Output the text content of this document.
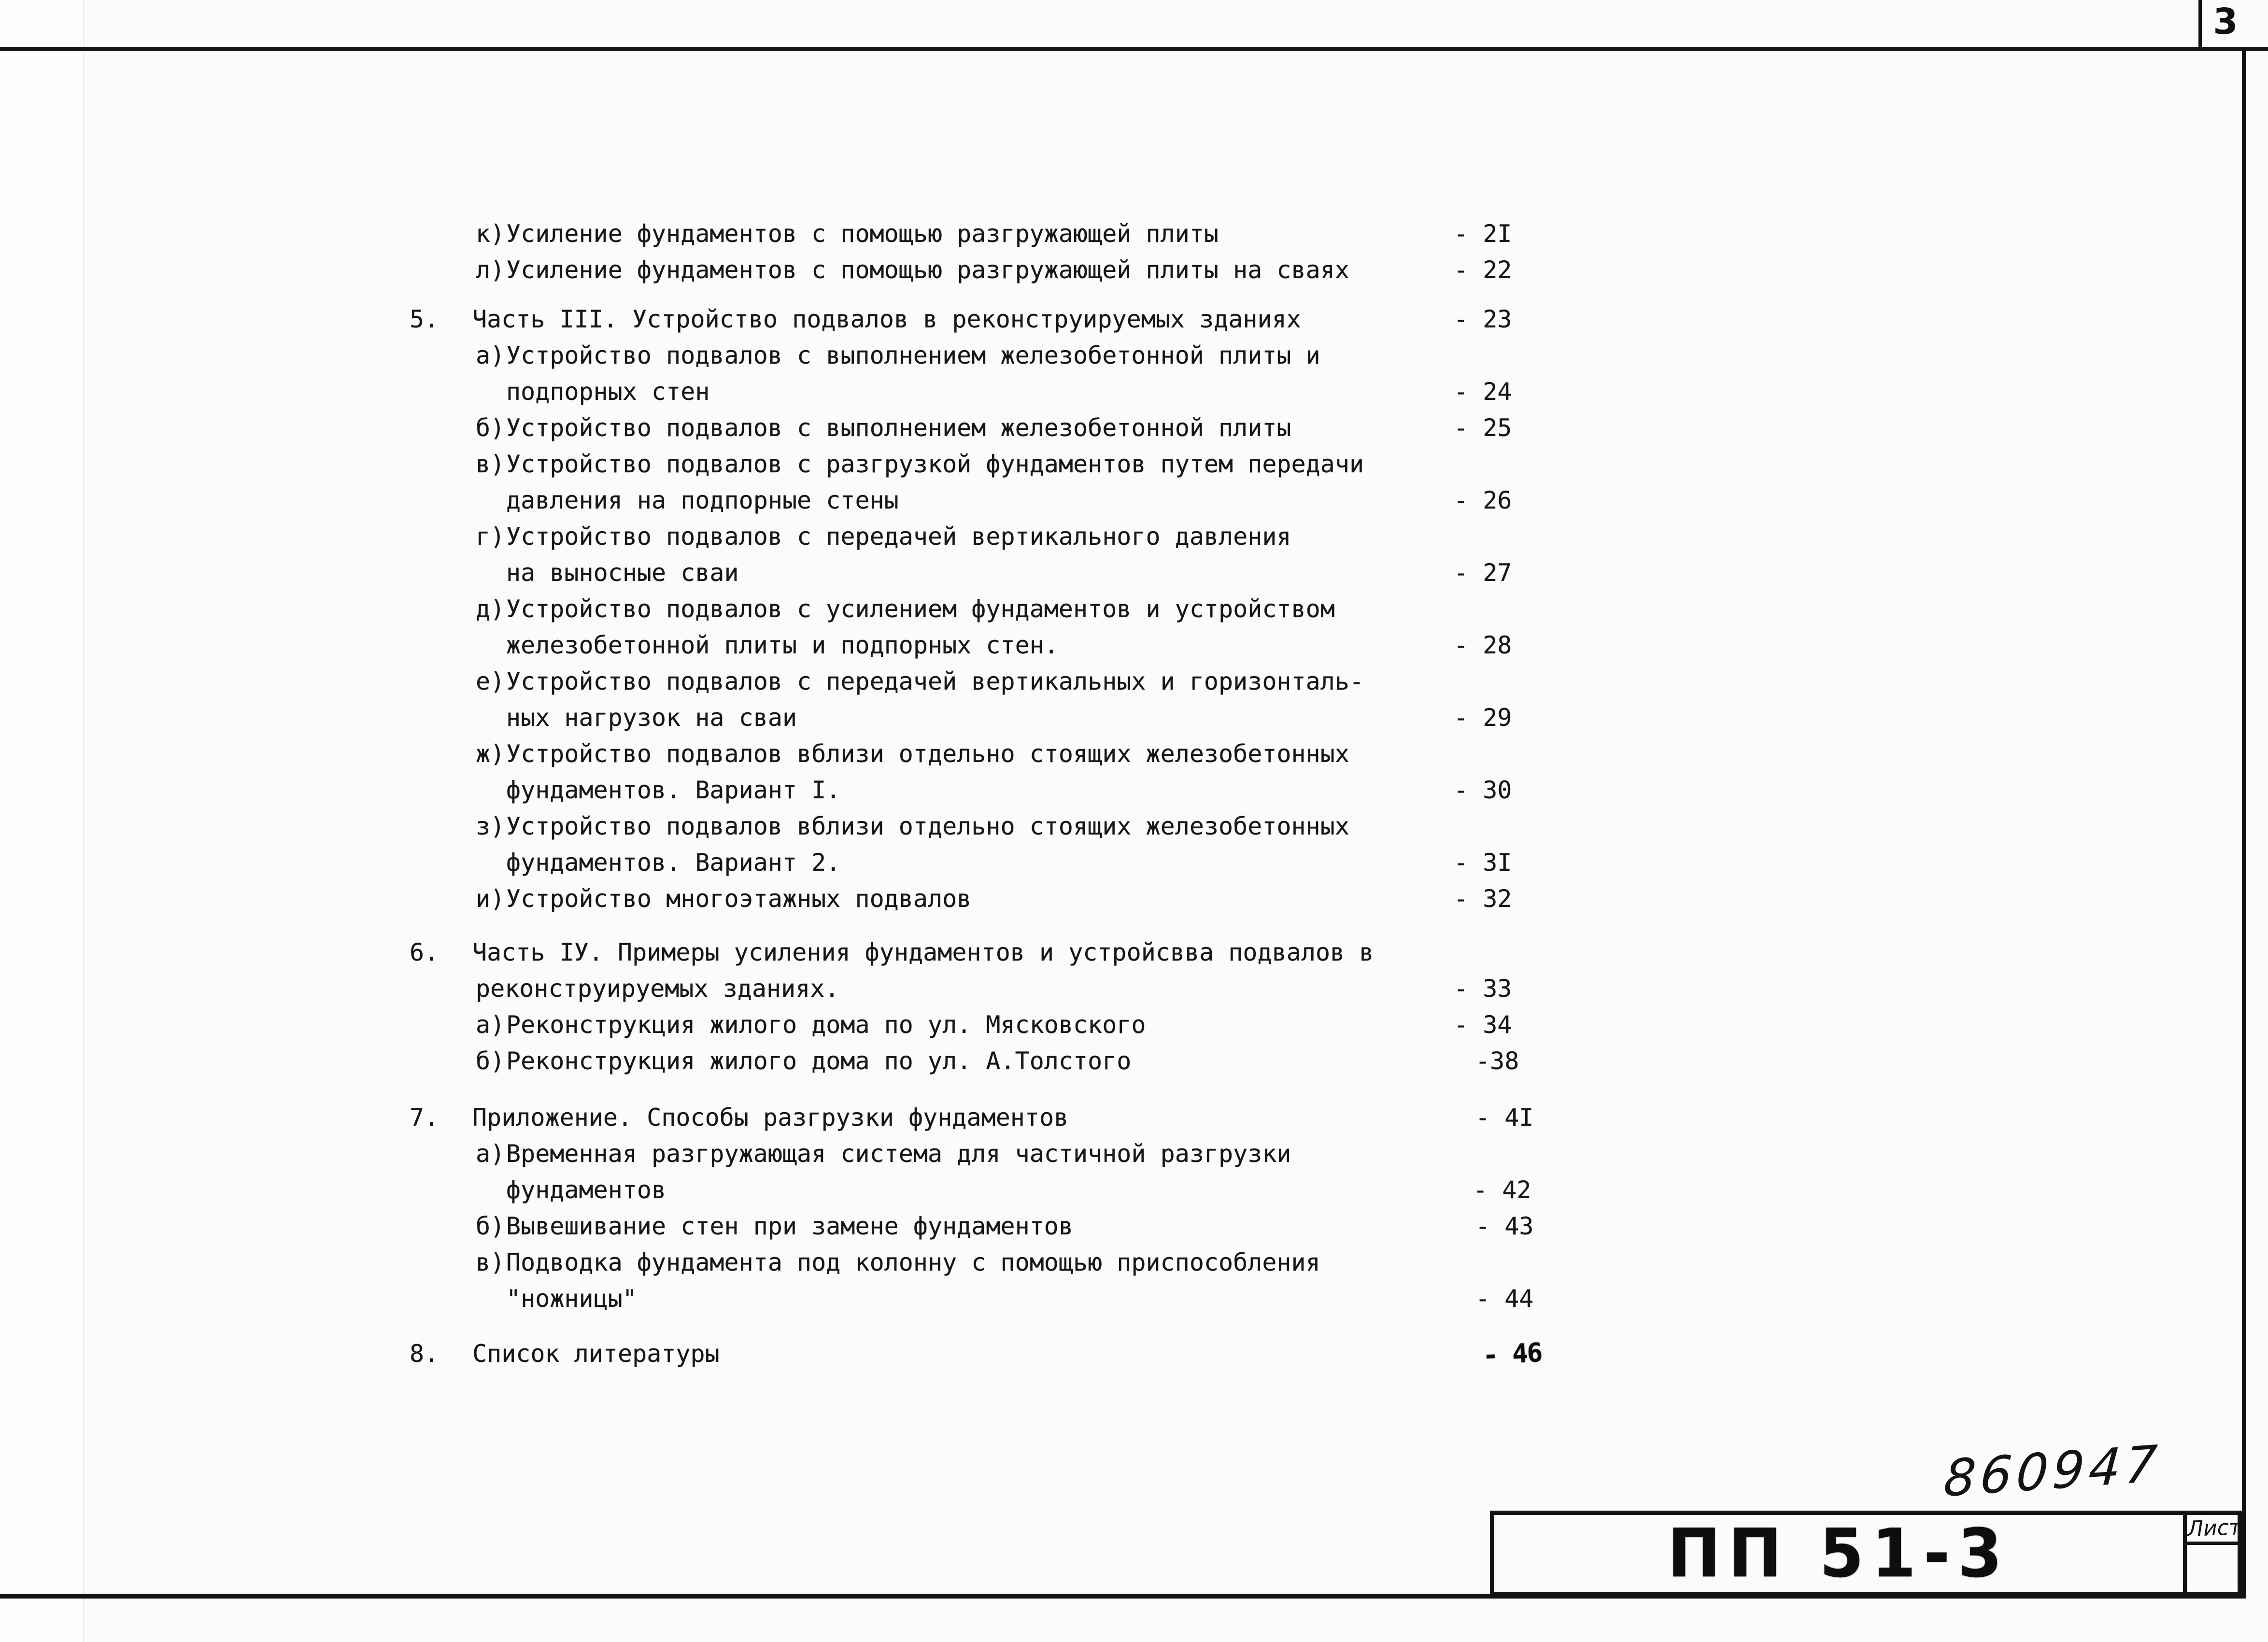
3
к) Усиление фундаментов с помощью разгружающей плиты	- 2I
л) Усиление фундаментов с помощью разгружающей плиты на сваях	- 22
5. Часть III. Устройство подвалов в реконструируемых зданиях	- 23
а) Устройство подвалов с выполнением железобетонной плиты и
подпорных стен	- 24
б) Устройство подвалов с выполнением железобетонной плиты	- 25
в) Устройство подвалов с разгрузкой фундаментов путем передачи
давления на подпорные стены	- 26
г) Устройство подвалов с передачей вертикального давления
на выносные сваи	- 27
д) Устройство подвалов с усилением фундаментов и устройством
железобетонной плиты и подпорных стен.	- 28
е) Устройство подвалов с передачей вертикальных и горизонталь-
ных нагрузок на сваи	- 29
ж) Устройство подвалов вблизи отдельно стоящих железобетонных
фундаментов. Вариант I.	- 30
з) Устройство подвалов вблизи отдельно стоящих железобетонных
фундаментов. Вариант 2.	- 3I
и) Устройство многоэтажных подвалов	- 32
6. Часть IУ. Примеры усиления фундаментов и устройсвва подвалов в
реконструируемых зданиях.	- 33
а) Реконструкция жилого дома по ул. Мясковского	- 34
б) Реконструкция жилого дома по ул. А.Толстого	-38
7. Приложение. Способы разгрузки фундаментов	- 4I
а) Временная разгружающая система для частичной разгрузки
фундаментов	- 42
б) Вывешивание стен при замене фундаментов	- 43
в) Подводка фундамента под колонну с помощью приспособления
"ножницы"	- 44
8. Список литературы	- 46
860947
ПП 51-3	Лист
